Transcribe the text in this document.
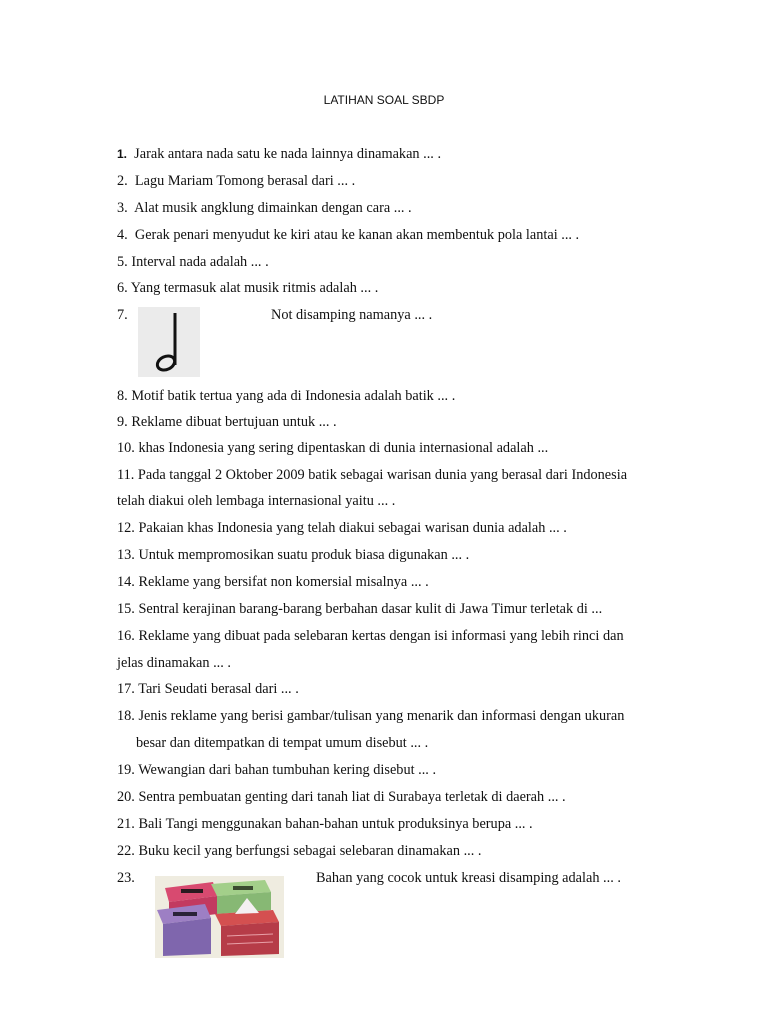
LATIHAN SOAL SBDP
1. Jarak antara nada satu ke nada lainnya dinamakan ... .
2. Lagu Mariam Tomong berasal dari ... .
3. Alat musik angklung dimainkan dengan cara ... .
4. Gerak penari menyudut ke kiri atau ke kanan akan membentuk pola lantai ... .
5. Interval nada adalah ... .
6. Yang termasuk alat musik ritmis adalah ... .
7.	Not disamping namanya ... .
8. Motif batik tertua yang ada di Indonesia adalah batik ... .
9. Reklame dibuat bertujuan untuk ... .
10. khas Indonesia yang sering dipentaskan di dunia internasional adalah ...
11. Pada tanggal 2 Oktober 2009 batik sebagai warisan dunia yang berasal dari Indonesia
telah diakui oleh lembaga internasional yaitu ... .
12. Pakaian khas Indonesia yang telah diakui sebagai warisan dunia adalah ... .
13. Untuk mempromosikan suatu produk biasa digunakan ... .
14. Reklame yang bersifat non komersial misalnya ... .
15. Sentral kerajinan barang-barang berbahan dasar kulit di Jawa Timur terletak di ...
16. Reklame yang dibuat pada selebaran kertas dengan isi informasi yang lebih rinci dan
jelas dinamakan ... .
17. Tari Seudati berasal dari ... .
18. Jenis reklame yang berisi gambar/tulisan yang menarik dan informasi dengan ukuran
besar dan ditempatkan di tempat umum disebut ... .
19. Wewangian dari bahan tumbuhan kering disebut ... .
20. Sentra pembuatan genting dari tanah liat di Surabaya terletak di daerah ... .
21. Bali Tangi menggunakan bahan-bahan untuk produksinya berupa ... .
22. Buku kecil yang berfungsi sebagai selebaran dinamakan ... .
23.	Bahan yang cocok untuk kreasi disamping adalah ... .
